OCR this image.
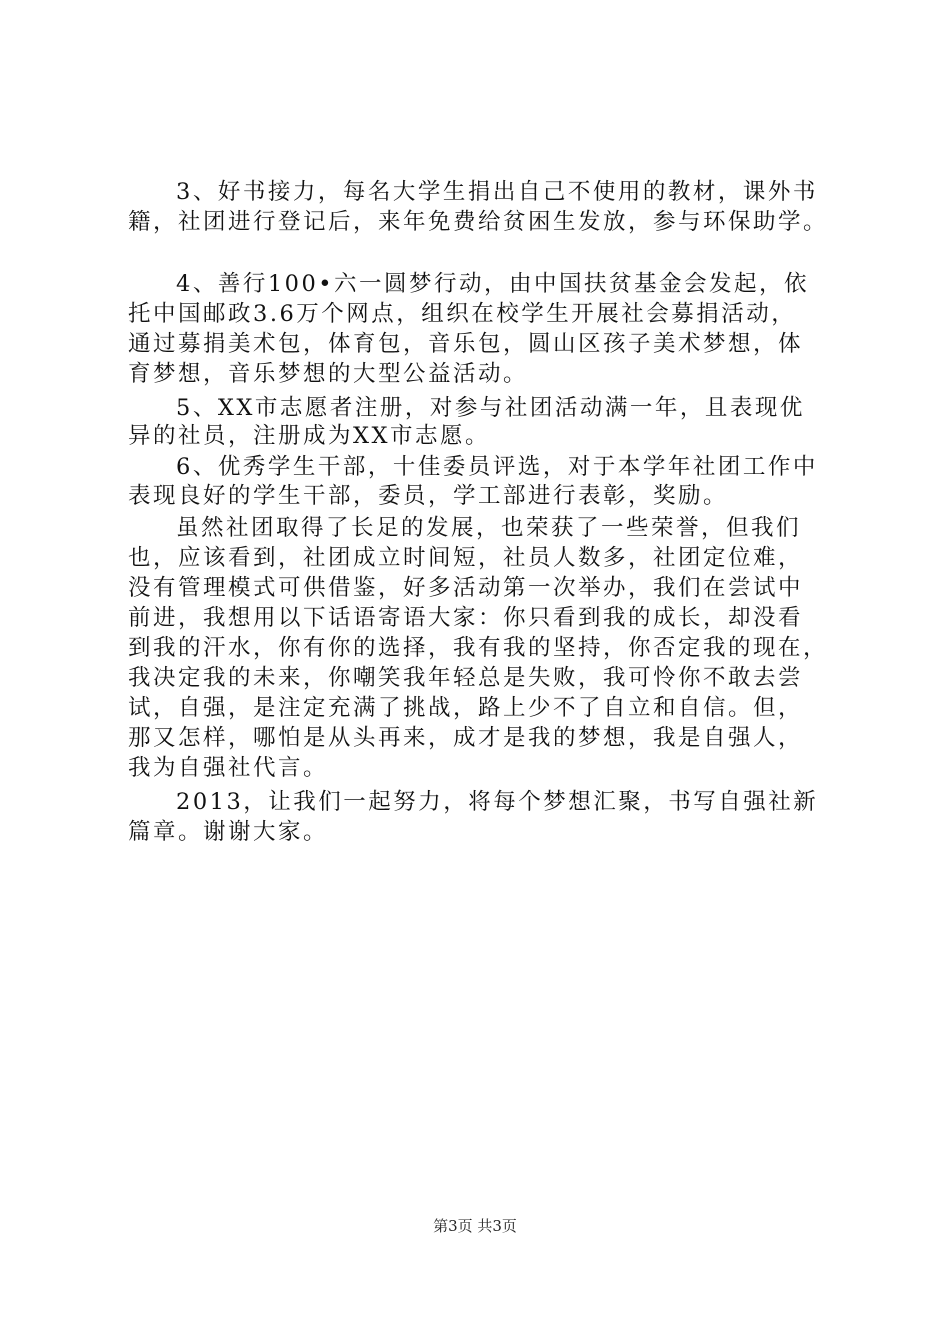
3、好书接力，每名大学生捐出自己不使用的教材，课外书
籍，社团进行登记后，来年免费给贫困生发放，参与环保助学。
4、善行100•六一圆梦行动，由中国扶贫基金会发起，依
托中国邮政3.6万个网点，组织在校学生开展社会募捐活动，
通过募捐美术包，体育包，音乐包，圆山区孩子美术梦想，体
育梦想，音乐梦想的大型公益活动。
5、XX市志愿者注册，对参与社团活动满一年，且表现优
异的社员，注册成为XX市志愿。
6、优秀学生干部，十佳委员评选，对于本学年社团工作中
表现良好的学生干部，委员，学工部进行表彰，奖励。
虽然社团取得了长足的发展，也荣获了一些荣誉，但我们
也，应该看到，社团成立时间短，社员人数多，社团定位难，
没有管理模式可供借鉴，好多活动第一次举办，我们在尝试中
前进，我想用以下话语寄语大家：你只看到我的成长，却没看
到我的汗水，你有你的选择，我有我的坚持，你否定我的现在，
我决定我的未来，你嘲笑我年轻总是失败，我可怜你不敢去尝
试，自强，是注定充满了挑战，路上少不了自立和自信。但，
那又怎样，哪怕是从头再来，成才是我的梦想，我是自强人，
我为自强社代言。
2013，让我们一起努力，将每个梦想汇聚，书写自强社新
篇章。谢谢大家。
第3页 共3页
